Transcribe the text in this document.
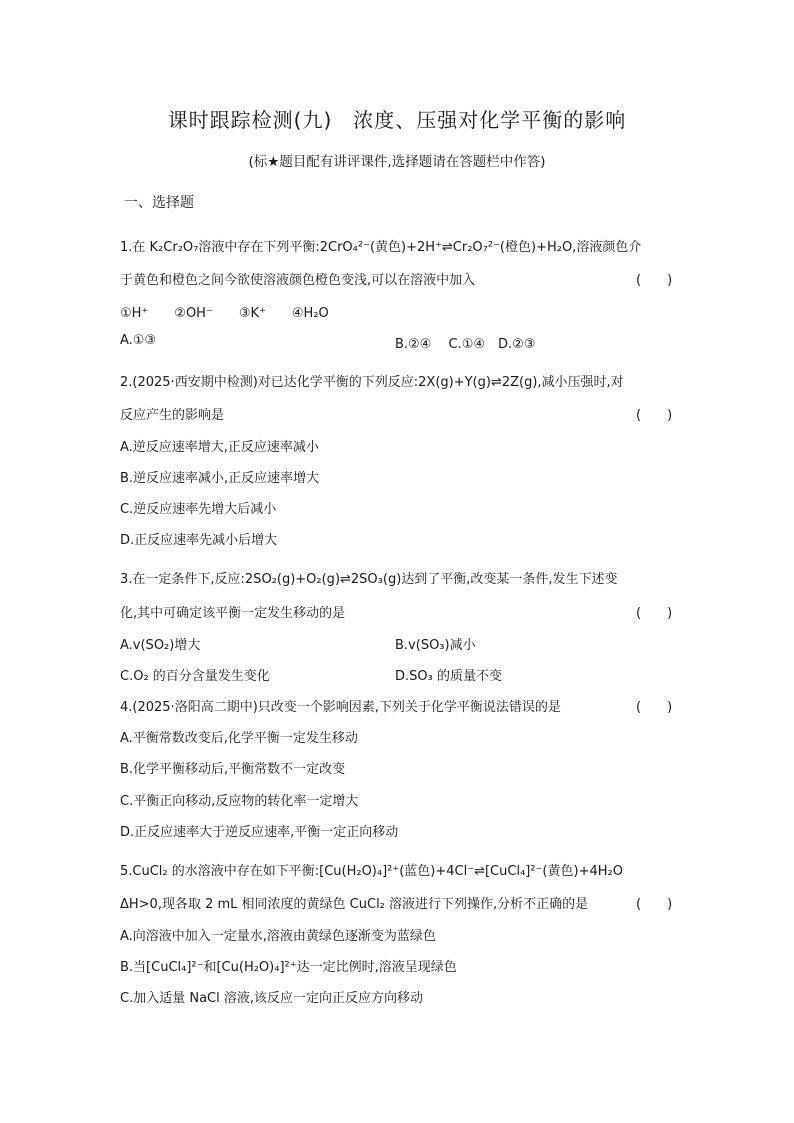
课时跟踪检测(九)　浓度、压强对化学平衡的影响
(标★题目配有讲评课件,选择题请在答题栏中作答)
一、选择题
1.在 K₂Cr₂O₇溶液中存在下列平衡:2CrO₄²⁻(黄色)+2H⁺⇌Cr₂O₇²⁻(橙色)+H₂O,溶液颜色介
于黄色和橙色之间今欲使溶液颜色橙色变浅,可以在溶液中加入	(　　)
①H⁺　　②OH⁻　　③K⁺　　④H₂O
A.①③	B.②④　 C.①④　D.②③
2.(2025·西安期中检测)对已达化学平衡的下列反应:2X(g)+Y(g)⇌2Z(g),减小压强时,对
反应产生的影响是	(　　)
A.逆反应速率增大,正反应速率减小
B.逆反应速率减小,正反应速率增大
C.逆反应速率先增大后减小
D.正反应速率先减小后增大
3.在一定条件下,反应:2SO₂(g)+O₂(g)⇌2SO₃(g)达到了平衡,改变某一条件,发生下述变
化,其中可确定该平衡一定发生移动的是	(　　)
A.v(SO₂)增大	B.v(SO₃)减小
C.O₂ 的百分含量发生变化	D.SO₃ 的质量不变
4.(2025·洛阳高二期中)只改变一个影响因素,下列关于化学平衡说法错误的是	(　　)
A.平衡常数改变后,化学平衡一定发生移动
B.化学平衡移动后,平衡常数不一定改变
C.平衡正向移动,反应物的转化率一定增大
D.正反应速率大于逆反应速率,平衡一定正向移动
5.CuCl₂ 的水溶液中存在如下平衡:[Cu(H₂O)₄]²⁺(蓝色)+4Cl⁻⇌[CuCl₄]²⁻(黄色)+4H₂O
ΔH>0,现各取 2 mL 相同浓度的黄绿色 CuCl₂ 溶液进行下列操作,分析不正确的是	(　　)
A.向溶液中加入一定量水,溶液由黄绿色逐渐变为蓝绿色
B.当[CuCl₄]²⁻和[Cu(H₂O)₄]²⁺达一定比例时,溶液呈现绿色
C.加入适量 NaCl 溶液,该反应一定向正反应方向移动
